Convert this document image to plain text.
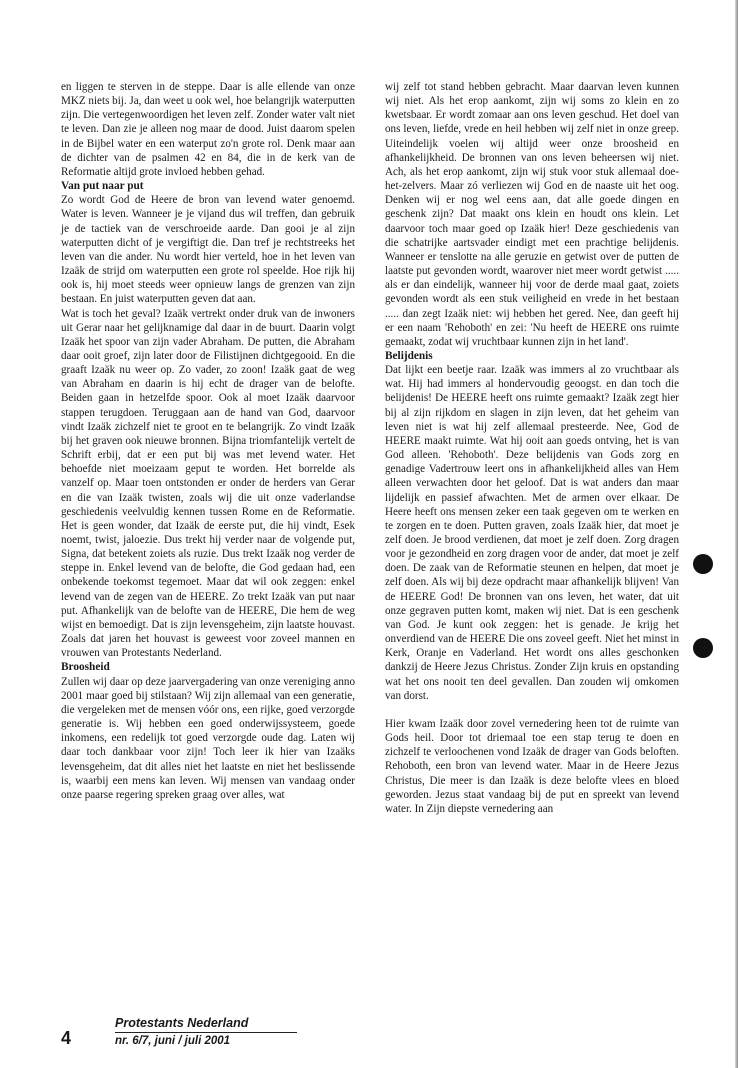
en liggen te sterven in de steppe. Daar is alle ellende van onze MKZ niets bij. Ja, dan weet u ook wel, hoe belangrijk waterputten zijn. Die vertegenwoordigen het leven zelf. Zonder water valt niet te leven. Dan zie je alleen nog maar de dood. Juist daarom spelen in de Bijbel water en een waterput zo'n grote rol. Denk maar aan de dichter van de psalmen 42 en 84, die in de kerk van de Reformatie altijd grote invloed hebben gehad.

Van put naar put

Zo wordt God de Heere de bron van levend water genoemd. Water is leven. Wanneer je je vijand dus wil treffen, dan gebruik je de tactiek van de verschroeide aarde. Dan gooi je al zijn waterputten dicht of je vergiftigt die. Dan tref je rechtstreeks het leven van die ander. Nu wordt hier verteld, hoe in het leven van Izaäk de strijd om waterputten een grote rol speelde. Hoe rijk hij ook is, hij moet steeds weer opnieuw langs de grenzen van zijn bestaan. En juist waterputten geven dat aan.

Wat is toch het geval? Izaäk vertrekt onder druk van de inwoners uit Gerar naar het gelijknamige dal daar in de buurt. Daarin volgt Izaäk het spoor van zijn vader Abraham. De putten, die Abraham daar ooit groef, zijn later door de Filistijnen dichtgegooid. En die graaft Izaäk nu weer op. Zo vader, zo zoon! Izaäk gaat de weg van Abraham en daarin is hij echt de drager van de belofte. Beiden gaan in hetzelfde spoor. Ook al moet Izaäk daarvoor stappen terugdoen. Teruggaan aan de hand van God, daarvoor vindt Izaäk zichzelf niet te groot en te belangrijk. Zo vindt Izaäk bij het graven ook nieuwe bronnen. Bijna triomfantelijk vertelt de Schrift erbij, dat er een put bij was met levend water. Het behoefde niet moeizaam geput te worden. Het borrelde als vanzelf op. Maar toen ontstonden er onder de herders van Gerar en die van Izaäk twisten, zoals wij die uit onze vaderlandse geschiedenis veelvuldig kennen tussen Rome en de Reformatie. Het is geen wonder, dat Izaäk de eerste put, die hij vindt, Esek noemt, twist, jaloezie. Dus trekt hij verder naar de volgende put, Signa, dat betekent zoiets als ruzie. Dus trekt Izaäk nog verder de steppe in. Enkel levend van de belofte, die God gedaan had, een onbekende toekomst tegemoet. Maar dat wil ook zeggen: enkel levend van de zegen van de HEERE. Zo trekt Izaäk van put naar put. Afhankelijk van de belofte van de HEERE, Die hem de weg wijst en bemoedigt. Dat is zijn levensgeheim, zijn laatste houvast. Zoals dat jaren het houvast is geweest voor zoveel mannen en vrouwen van Protestants Nederland.

Broosheid

Zullen wij daar op deze jaarvergadering van onze vereniging anno 2001 maar goed bij stilstaan? Wij zijn allemaal van een generatie, die vergeleken met de mensen vóór ons, een rijke, goed verzorgde generatie is. Wij hebben een goed onderwijssysteem, goede inkomens, een redelijk tot goed verzorgde oude dag. Laten wij daar toch dankbaar voor zijn! Toch leer ik hier van Izaäks levensgeheim, dat dit alles niet het laatste en niet het beslissende is, waarbij een mens kan leven. Wij mensen van vandaag onder onze paarse regering spreken graag over alles, wat

wij zelf tot stand hebben gebracht. Maar daarvan leven kunnen wij niet. Als het erop aankomt, zijn wij soms zo klein en zo kwetsbaar. Er wordt zomaar aan ons leven geschud. Het doel van ons leven, liefde, vrede en heil hebben wij zelf niet in onze greep. Uiteindelijk voelen wij altijd weer onze broosheid en afhankelijkheid. De bronnen van ons leven beheersen wij niet. Ach, als het erop aankomt, zijn wij stuk voor stuk allemaal doe-het-zelvers. Maar zó verliezen wij God en de naaste uit het oog. Denken wij er nog wel eens aan, dat alle goede dingen en geschenk zijn? Dat maakt ons klein en houdt ons klein. Let daarvoor toch maar goed op Izaäk hier! Deze geschiedenis van die schatrijke aartsvader eindigt met een prachtige belijdenis. Wanneer er tenslotte na alle geruzie en getwist over de putten de laatste put gevonden wordt, waarover niet meer wordt getwist ..... als er dan eindelijk, wanneer hij voor de derde maal gaat, zoiets gevonden wordt als een stuk veiligheid en vrede in het bestaan ..... dan zegt Izaäk niet: wij hebben het gered. Nee, dan geeft hij er een naam 'Rehoboth' en zei: 'Nu heeft de HEERE ons ruimte gemaakt, zodat wij vruchtbaar kunnen zijn in het land'.

Belijdenis

Dat lijkt een beetje raar. Izaäk was immers al zo vruchtbaar als wat. Hij had immers al hondervoudig geoogst. en dan toch die belijdenis! De HEERE heeft ons ruimte gemaakt? Izaäk zegt hier bij al zijn rijkdom en slagen in zijn leven, dat het geheim van leven niet is wat hij zelf allemaal presteerde. Nee, God de HEERE maakt ruimte. Wat hij ooit aan goeds ontving, het is van God alleen. 'Rehoboth'. Deze belijdenis van Gods zorg en genadige Vadertrouw leert ons in afhankelijkheid alles van Hem alleen verwachten door het geloof. Dat is wat anders dan maar lijdelijk en passief afwachten. Met de armen over elkaar. De Heere heeft ons mensen zeker een taak gegeven om te werken en te zorgen en te doen. Putten graven, zoals Izaäk hier, dat moet je zelf doen. Je brood verdienen, dat moet je zelf doen. Zorg dragen voor je gezondheid en zorg dragen voor de ander, dat moet je zelf doen. De zaak van de Reformatie steunen en helpen, dat moet je zelf doen. Als wij bij deze opdracht maar afhankelijk blijven! Van de HEERE God! De bronnen van ons leven, het water, dat uit onze gegraven putten komt, maken wij niet. Dat is een geschenk van God. Je kunt ook zeggen: het is genade. Je krijg het onverdiend van de HEERE Die ons zoveel geeft. Niet het minst in Kerk, Oranje en Vaderland. Het wordt ons alles geschonken dankzij de Heere Jezus Christus. Zonder Zijn kruis en opstanding wat het ons nooit ten deel gevallen. Dan zouden wij omkomen van dorst.

Hier kwam Izaäk door zovel vernedering heen tot de ruimte van Gods heil. Door tot driemaal toe een stap terug te doen en zichzelf te verloochenen vond Izaäk de drager van Gods beloften. Rehoboth, een bron van levend water. Maar in de Heere Jezus Christus, Die meer is dan Izaäk is deze belofte vlees en bloed geworden. Jezus staat vandaag bij de put en spreekt van levend water. In Zijn diepste vernedering aan

4
Protestants Nederland
nr. 6/7, juni / juli 2001
